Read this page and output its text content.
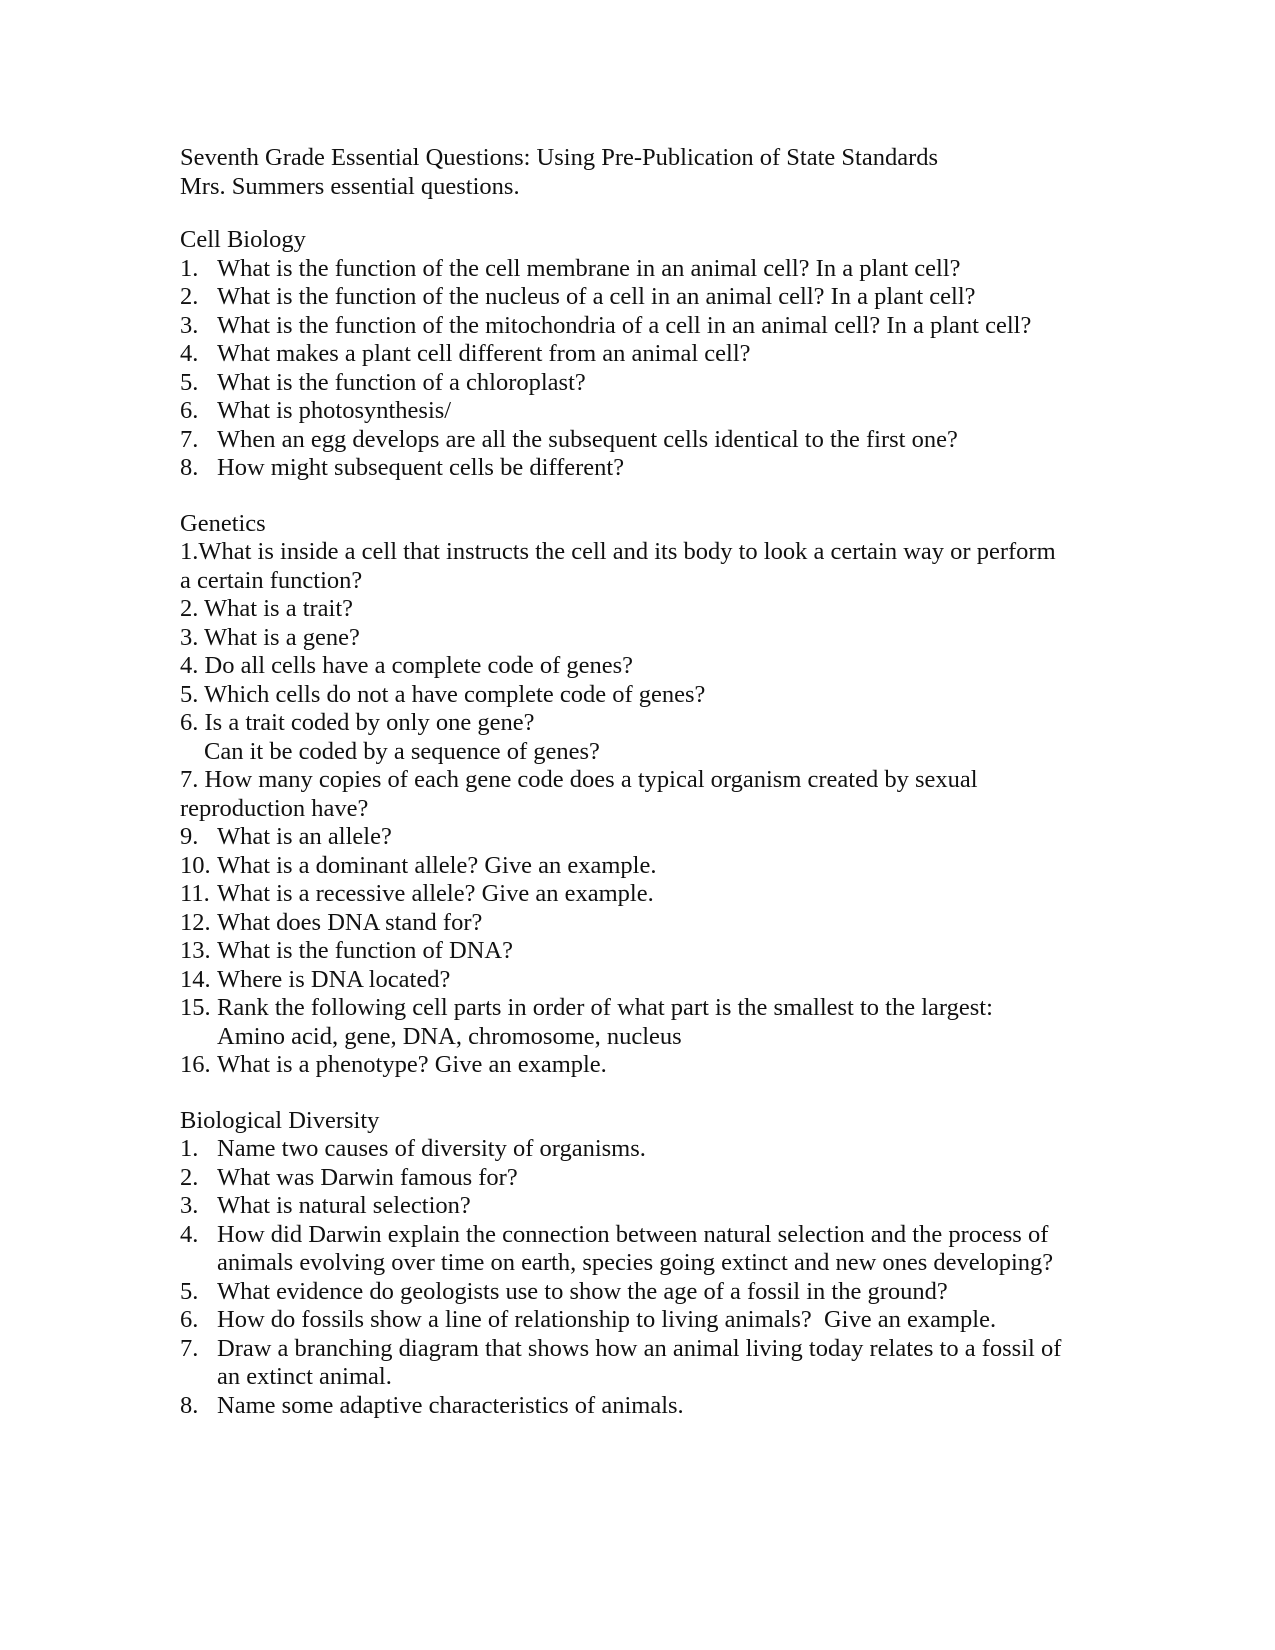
Seventh Grade Essential Questions: Using Pre-Publication of State Standards
Mrs. Summers essential questions.
Cell Biology
1. What is the function of the cell membrane in an animal cell? In a plant cell?
2. What is the function of the nucleus of a cell in an animal cell? In a plant cell?
3. What is the function of the mitochondria of a cell in an animal cell? In a plant cell?
4. What makes a plant cell different from an animal cell?
5. What is the function of a chloroplast?
6. What is photosynthesis/
7. When an egg develops are all the subsequent cells identical to the first one?
8. How might subsequent cells be different?
Genetics
1.What is inside a cell that instructs the cell and its body to look a certain way or perform
a certain function?
2. What is a trait?
3. What is a gene?
4. Do all cells have a complete code of genes?
5. Which cells do not a have complete code of genes?
6. Is a trait coded by only one gene?
Can it be coded by a sequence of genes?
7. How many copies of each gene code does a typical organism created by sexual
reproduction have?
9. What is an allele?
10. What is a dominant allele? Give an example.
11. What is a recessive allele? Give an example.
12. What does DNA stand for?
13. What is the function of DNA?
14. Where is DNA located?
15. Rank the following cell parts in order of what part is the smallest to the largest:
Amino acid, gene, DNA, chromosome, nucleus
16. What is a phenotype? Give an example.
Biological Diversity
1. Name two causes of diversity of organisms.
2. What was Darwin famous for?
3. What is natural selection?
4. How did Darwin explain the connection between natural selection and the process of
animals evolving over time on earth, species going extinct and new ones developing?
5. What evidence do geologists use to show the age of a fossil in the ground?
6. How do fossils show a line of relationship to living animals?  Give an example.
7. Draw a branching diagram that shows how an animal living today relates to a fossil of
an extinct animal.
8. Name some adaptive characteristics of animals.
